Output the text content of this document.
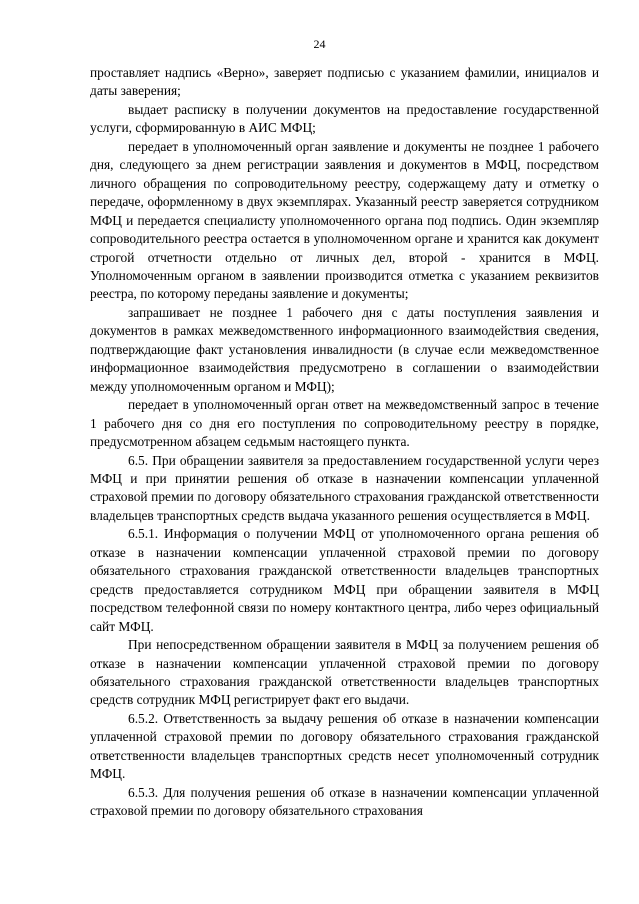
24

проставляет надпись «Верно», заверяет подписью с указанием фамилии, инициалов и даты заверения;

выдает расписку в получении документов на предоставление государственной услуги, сформированную в АИС МФЦ;

передает в уполномоченный орган заявление и документы не позднее 1 рабочего дня, следующего за днем регистрации заявления и документов в МФЦ, посредством личного обращения по сопроводительному реестру, содержащему дату и отметку о передаче, оформленному в двух экземплярах. Указанный реестр заверяется сотрудником МФЦ и передается специалисту уполномоченного органа под подпись. Один экземпляр сопроводительного реестра остается в уполномоченном органе и хранится как документ строгой отчетности отдельно от личных дел, второй - хранится в МФЦ. Уполномоченным органом в заявлении производится отметка с указанием реквизитов реестра, по которому переданы заявление и документы;

запрашивает не позднее 1 рабочего дня с даты поступления заявления и документов в рамках межведомственного информационного взаимодействия сведения, подтверждающие факт установления инвалидности (в случае если межведомственное информационное взаимодействия предусмотрено в соглашении о взаимодействии между уполномоченным органом и МФЦ);

передает в уполномоченный орган ответ на межведомственный запрос в течение 1 рабочего дня со дня его поступления по сопроводительному реестру в порядке, предусмотренном абзацем седьмым настоящего пункта.

6.5. При обращении заявителя за предоставлением государственной услуги через МФЦ и при принятии решения об отказе в назначении компенсации уплаченной страховой премии по договору обязательного страхования гражданской ответственности владельцев транспортных средств выдача указанного решения осуществляется в МФЦ.

6.5.1. Информация о получении МФЦ от уполномоченного органа решения об отказе в назначении компенсации уплаченной страховой премии по договору обязательного страхования гражданской ответственности владельцев транспортных средств предоставляется сотрудником МФЦ при обращении заявителя в МФЦ посредством телефонной связи по номеру контактного центра, либо через официальный сайт МФЦ.

При непосредственном обращении заявителя в МФЦ за получением решения об отказе в назначении компенсации уплаченной страховой премии по договору обязательного страхования гражданской ответственности владельцев транспортных средств сотрудник МФЦ регистрирует факт его выдачи.

6.5.2. Ответственность за выдачу решения об отказе в назначении компенсации уплаченной страховой премии по договору обязательного страхования гражданской ответственности владельцев транспортных средств несет уполномоченный сотрудник МФЦ.

6.5.3. Для получения решения об отказе в назначении компенсации уплаченной страховой премии по договору обязательного страхования
